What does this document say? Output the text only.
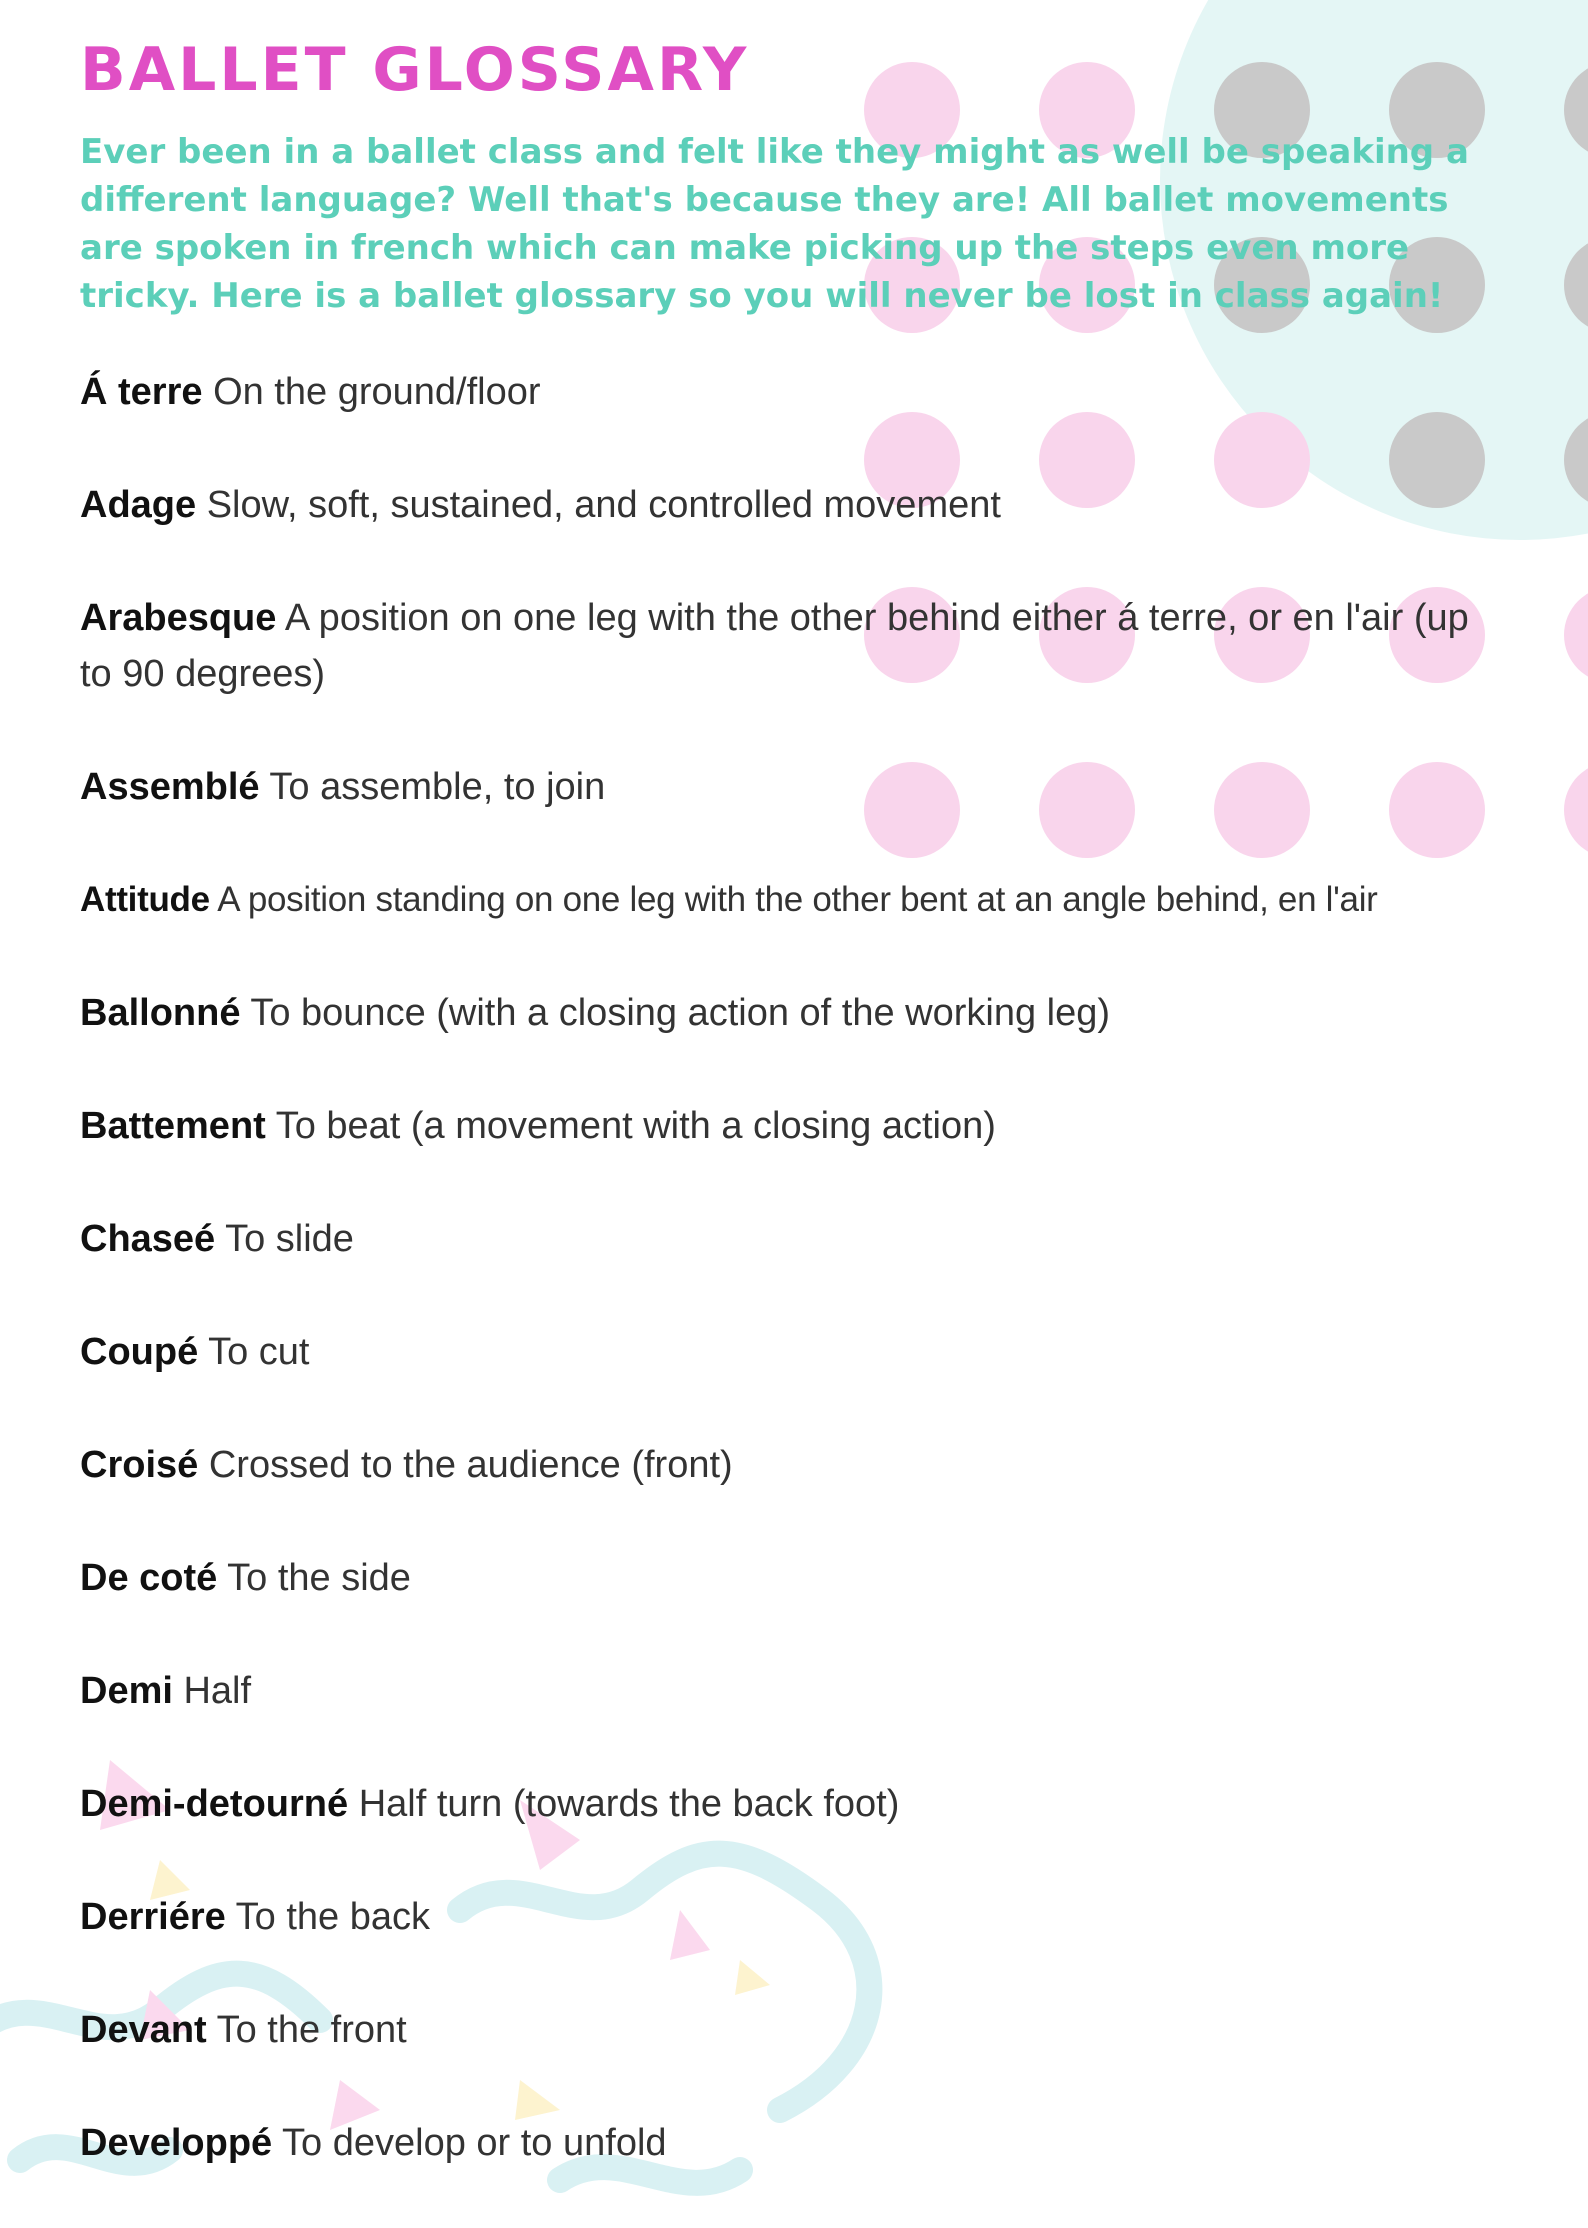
BALLET GLOSSARY

Ever been in a ballet class and felt like they might as well be speaking a different language? Well that's because they are! All ballet movements are spoken in french which can make picking up the steps even more tricky. Here is a ballet glossary so you will never be lost in class again!

Á terre On the ground/floor
Adage Slow, soft, sustained, and controlled movement
Arabesque A position on one leg with the other behind either á terre, or en l'air (up to 90 degrees)
Assemblé To assemble, to join
Attitude A position standing on one leg with the other bent at an angle behind, en l'air
Ballonné To bounce (with a closing action of the working leg)
Battement To beat (a movement with a closing action)
Chaseé To slide
Coupé To cut
Croisé Crossed to the audience (front)
De coté To the side
Demi Half
Demi-detourné Half turn (towards the back foot)
Derriére To the back
Devant To the front
Developpé To develop or to unfold
